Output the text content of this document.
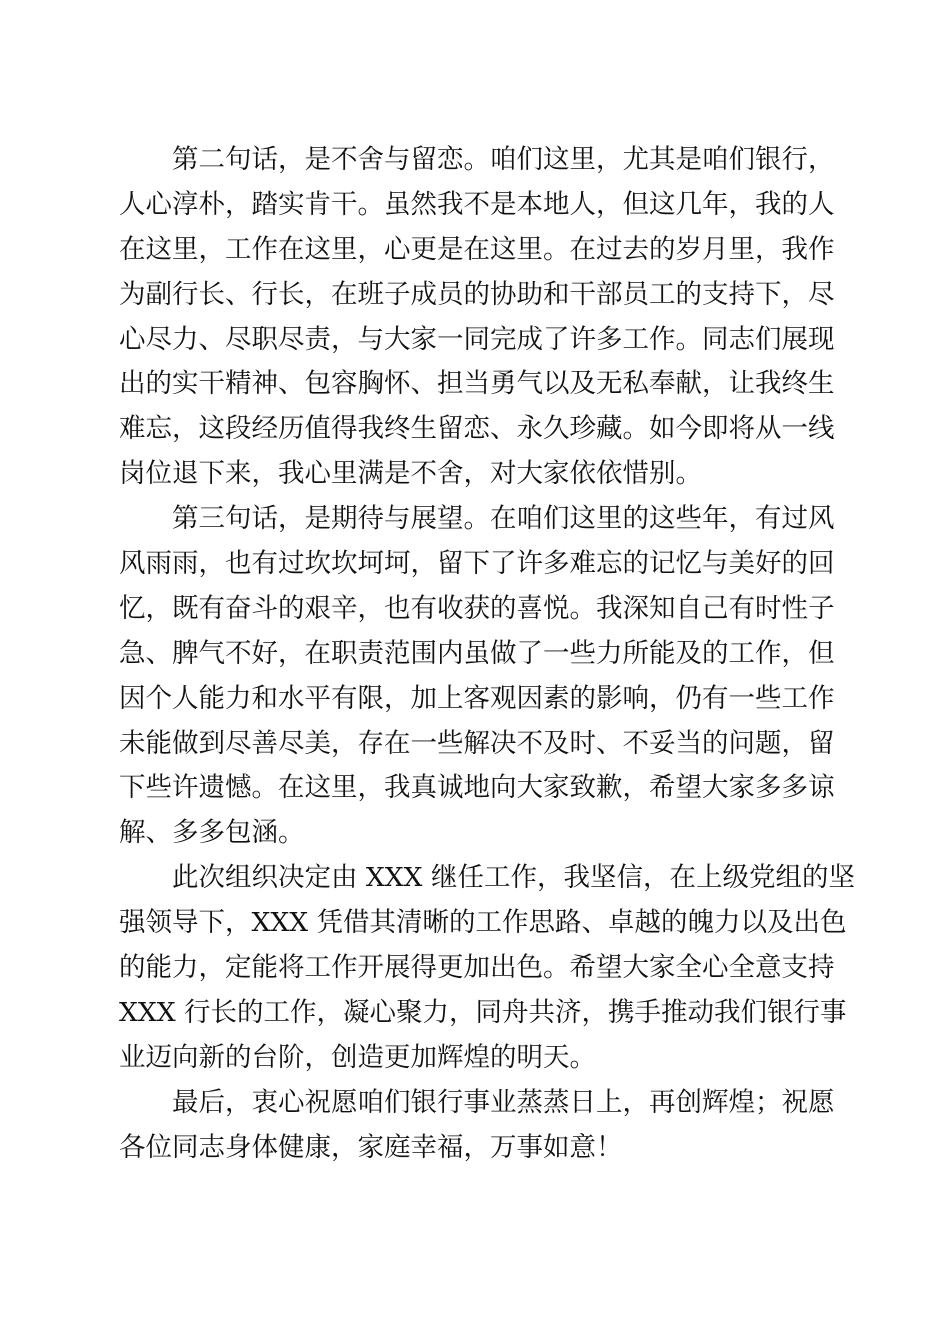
　　第二句话，是不舍与留恋。咱们这里，尤其是咱们银行，
人心淳朴，踏实肯干。虽然我不是本地人，但这几年，我的人
在这里，工作在这里，心更是在这里。在过去的岁月里，我作
为副行长、行长，在班子成员的协助和干部员工的支持下，尽
心尽力、尽职尽责，与大家一同完成了许多工作。同志们展现
出的实干精神、包容胸怀、担当勇气以及无私奉献，让我终生
难忘，这段经历值得我终生留恋、永久珍藏。如今即将从一线
岗位退下来，我心里满是不舍，对大家依依惜别。
　　第三句话，是期待与展望。在咱们这里的这些年，有过风
风雨雨，也有过坎坎坷坷，留下了许多难忘的记忆与美好的回
忆，既有奋斗的艰辛，也有收获的喜悦。我深知自己有时性子
急、脾气不好，在职责范围内虽做了一些力所能及的工作，但
因个人能力和水平有限，加上客观因素的影响，仍有一些工作
未能做到尽善尽美，存在一些解决不及时、不妥当的问题，留
下些许遗憾。在这里，我真诚地向大家致歉，希望大家多多谅
解、多多包涵。
　　此次组织决定由 XXX 继任工作，我坚信，在上级党组的坚
强领导下，XXX 凭借其清晰的工作思路、卓越的魄力以及出色
的能力，定能将工作开展得更加出色。希望大家全心全意支持
XXX 行长的工作，凝心聚力，同舟共济，携手推动我们银行事
业迈向新的台阶，创造更加辉煌的明天。
　　最后，衷心祝愿咱们银行事业蒸蒸日上，再创辉煌；祝愿
各位同志身体健康，家庭幸福，万事如意！
